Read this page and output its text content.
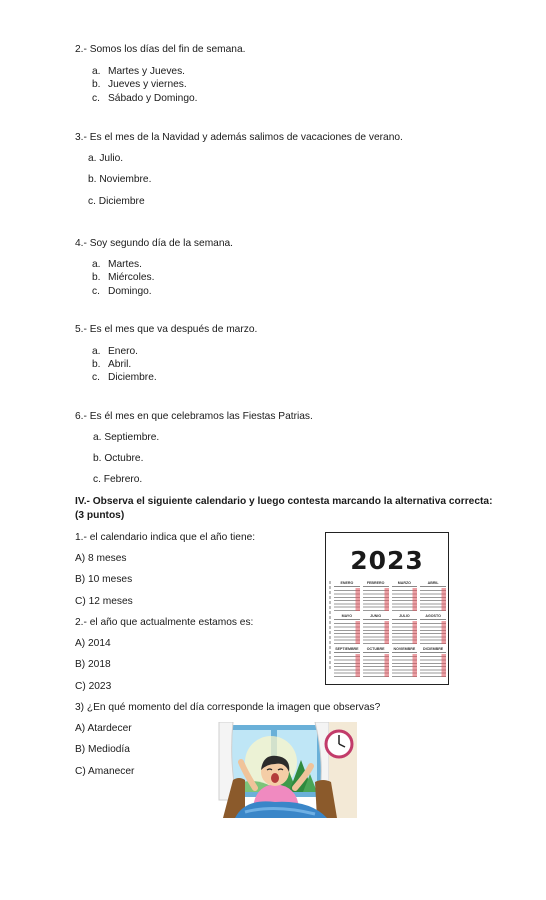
2.- Somos los días del fin de semana.
a. Martes y Jueves.
b. Jueves y viernes.
c. Sábado y Domingo.
3.- Es el mes de la Navidad y además salimos de vacaciones de verano.
a. Julio.
b. Noviembre.
c. Diciembre
4.- Soy segundo día de la semana.
a. Martes.
b. Miércoles.
c. Domingo.
5.- Es el mes que va después de marzo.
a. Enero.
b. Abril.
c. Diciembre.
6.- Es él mes en que celebramos las Fiestas Patrias.
a. Septiembre.
b. Octubre.
c. Febrero.
IV.- Observa el siguiente calendario y luego contesta marcando la alternativa correcta:
(3 puntos)
1.- el calendario indica que el año tiene:
A) 8 meses
B) 10 meses
C) 12 meses
2.- el año que actualmente estamos es:
A) 2014
B) 2018
C) 2023
3) ¿En qué momento del día corresponde la imagen que observas?
A) Atardecer
B) Mediodía
C) Amanecer
2023
ENERO	FEBRERO	MARZO	ABRIL
MAYO	JUNIO	JULIO	AGOSTO
SEPTIEMBRE	OCTUBRE	NOVIEMBRE	DICIEMBRE
